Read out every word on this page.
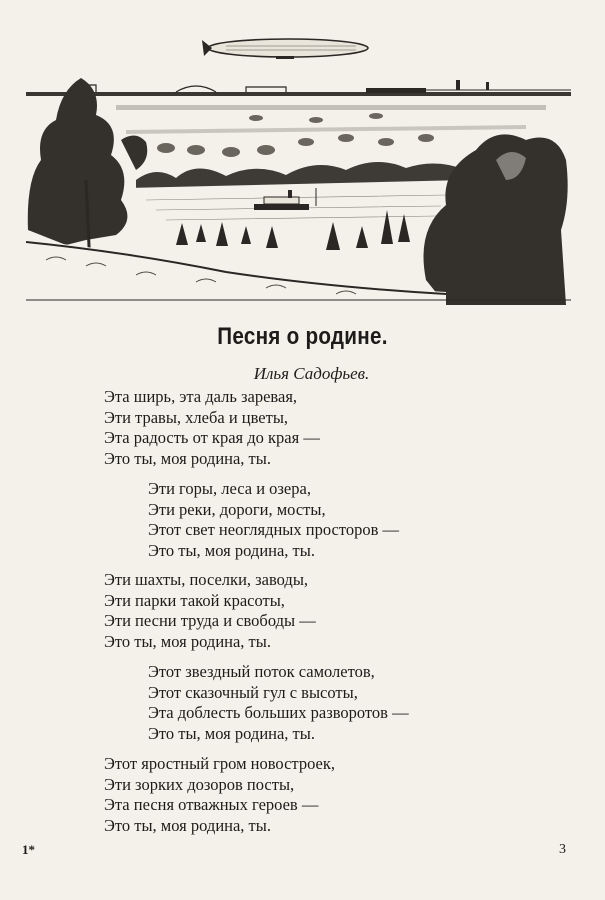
Песня о родине.
Илья Садофьев.
Эта ширь, эта даль заревая,
Эти травы, хлеба и цветы,
Эта радость от края до края —
Это ты, моя родина, ты.
Эти горы, леса и озера,
Эти реки, дороги, мосты,
Этот свет неоглядных просторов —
Это ты, моя родина, ты.
Эти шахты, поселки, заводы,
Эти парки такой красоты,
Эти песни труда и свободы —
Это ты, моя родина, ты.
Этот звездный поток самолетов,
Этот сказочный гул с высоты,
Эта доблесть больших разворотов —
Это ты, моя родина, ты.
Этот яростный гром новостроек,
Эти зорких дозоров посты,
Эта песня отважных героев —
Это ты, моя родина, ты.
1*	3
